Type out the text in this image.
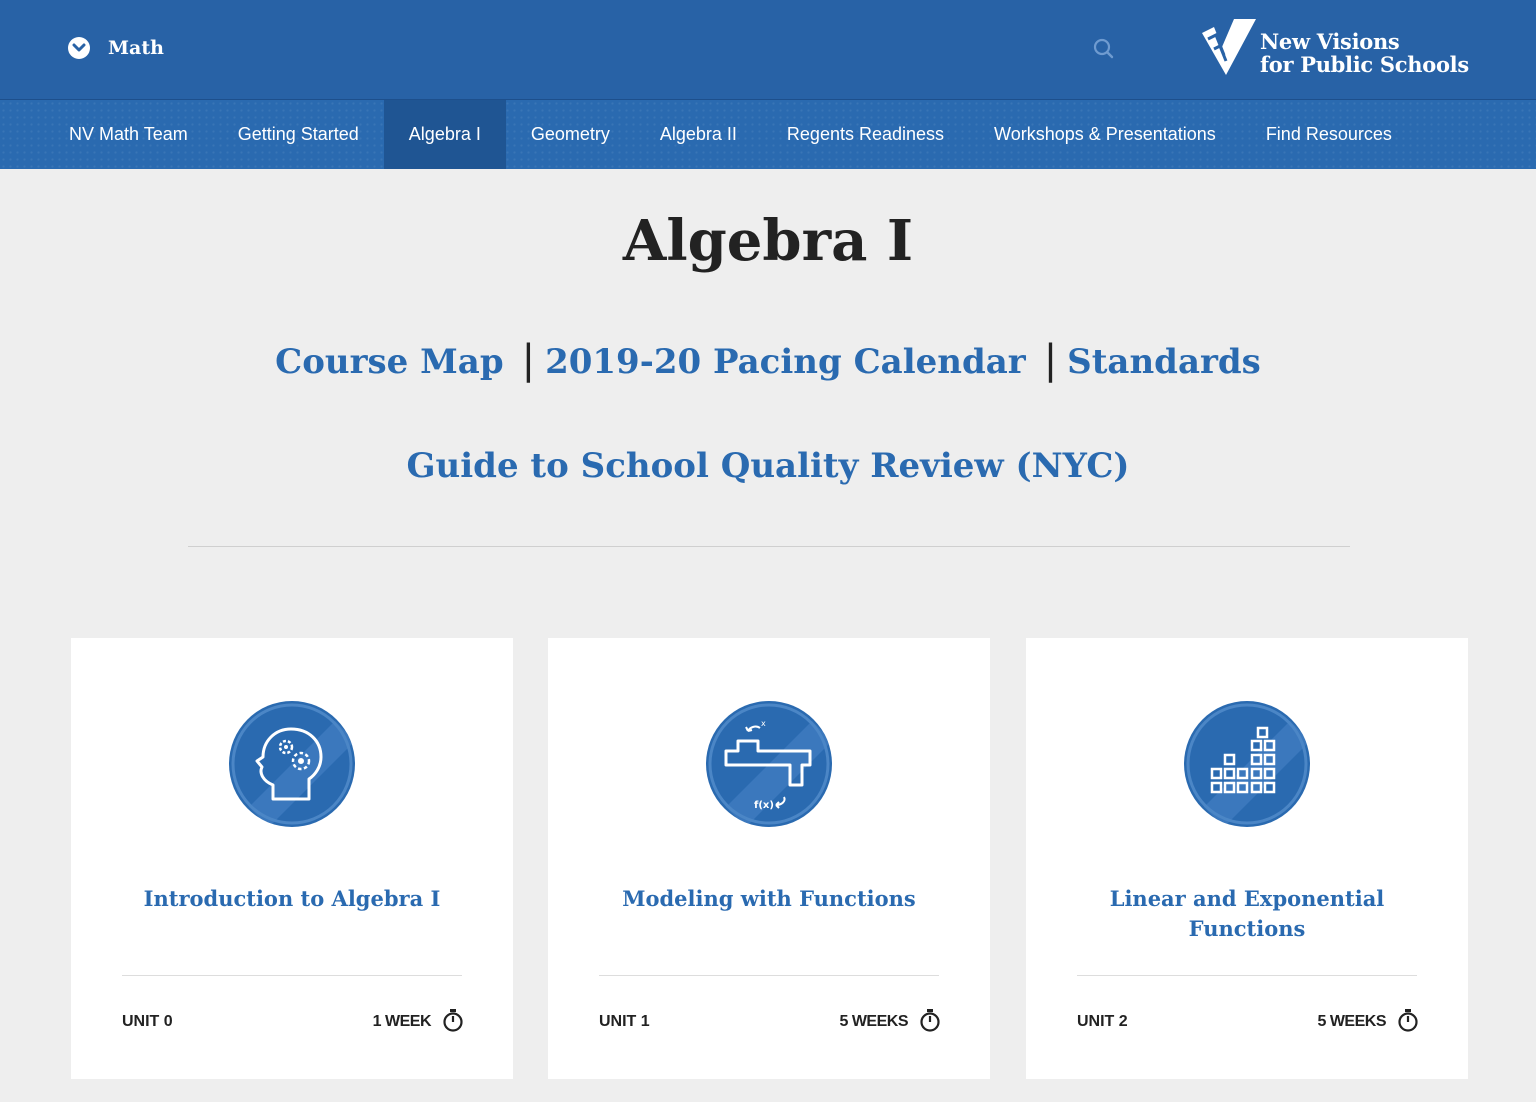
Math	New Visions
for Public Schools
NV Math Team	Getting Started	Algebra I	Geometry	Algebra II	Regents Readiness	Workshops & Presentations	Find Resources
Algebra I
Course Map | 2019-20 Pacing Calendar | Standards
Guide to School Quality Review (NYC)
Introduction to Algebra I
UNIT 0	1 WEEK
x
f(x)
Modeling with Functions
UNIT 1	5 WEEKS
Linear and Exponential Functions
UNIT 2	5 WEEKS
